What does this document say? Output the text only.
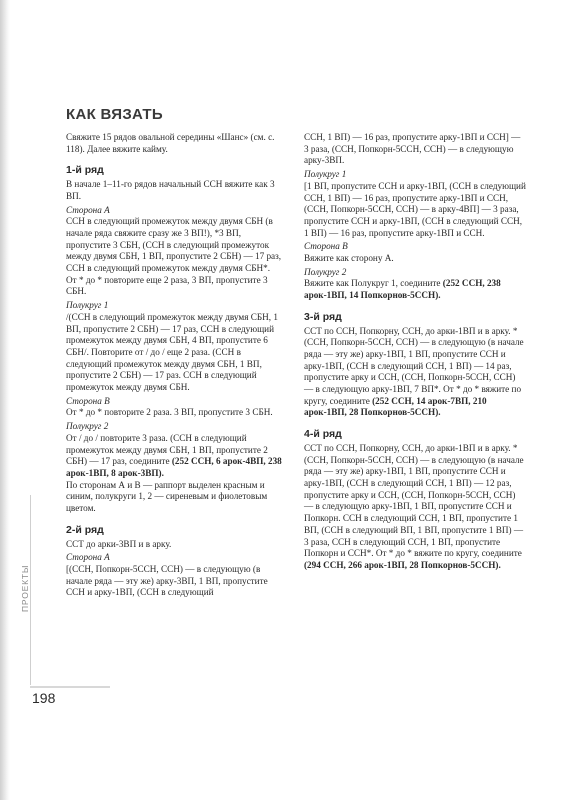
КАК ВЯЗАТЬ

Свяжите 15 рядов овальной середины «Шанс» (см. с. 118). Далее вяжите кайму.

1-й ряд

В начале 1–11-го рядов начальный ССН вяжите как 3 ВП.

Сторона А

ССН в следующий промежуток между двумя СБН (в начале ряда свяжите сразу же 3 ВП!), *3 ВП, пропустите 3 СБН, (ССН в следующий промежуток между двумя СБН, 1 ВП, пропустите 2 СБН) — 17 раз, ССН в следующий промежуток между двумя СБН*.

От * до * повторите еще 2 раза, 3 ВП, пропустите 3 СБН.

Полукруг 1

/(ССН в следующий промежуток между двумя СБН, 1 ВП, пропустите 2 СБН) — 17 раз, ССН в следующий промежуток между двумя СБН, 4 ВП, пропустите 6 СБН/. Повторите от / до / еще 2 раза. (ССН в следующий промежуток между двумя СБН, 1 ВП, пропустите 2 СБН) — 17 раз. ССН в следующий промежуток между двумя СБН.

Сторона В

От * до * повторите 2 раза. 3 ВП, пропустите 3 СБН.

Полукруг 2

От / до / повторите 3 раза. (ССН в следующий промежуток между двумя СБН, 1 ВП, пропустите 2 СБН) — 17 раз, соедините (252 ССН, 6 арок-4ВП, 238 арок-1ВП, 8 арок-3ВП).

По сторонам А и В — раппорт выделен красным и синим, полукруги 1, 2 — сиреневым и фиолетовым цветом.

2-й ряд

ССТ до арки-3ВП и в арку.

Сторона А

[(ССН, Попкорн-5ССН, ССН) — в следующую (в начале ряда — эту же) арку-3ВП, 1 ВП, пропустите ССН и арку-1ВП, (ССН в следующий

ССН, 1 ВП) — 16 раз, пропустите арку-1ВП и ССН] — 3 раза, (ССН, Попкорн-5ССН, ССН) — в следующую арку-3ВП.

Полукруг 1

[1 ВП, пропустите ССН и арку-1ВП, (ССН в следующий ССН, 1 ВП) — 16 раз, пропустите арку-1ВП и ССН, (ССН, Попкорн-5ССН, ССН) — в арку-4ВП] — 3 раза, пропустите ССН и арку-1ВП, (ССН в следующий ССН, 1 ВП) — 16 раз, пропустите арку-1ВП и ССН.

Сторона В

Вяжите как сторону А.

Полукруг 2

Вяжите как Полукруг 1, соедините (252 ССН, 238 арок-1ВП, 14 Попкорнов-5ССН).

3-й ряд

ССТ по ССН, Попкорну, ССН, до арки-1ВП и в арку. *(ССН, Попкорн-5ССН, ССН) — в следующую (в начале ряда — эту же) арку-1ВП, 1 ВП, пропустите ССН и арку-1ВП, (ССН в следующий ССН, 1 ВП) — 14 раз, пропустите арку и ССН, (ССН, Попкорн-5ССН, ССН) — в следующую арку-1ВП, 7 ВП*. От * до * вяжите по кругу, соедините (252 ССН, 14 арок-7ВП, 210 арок-1ВП, 28 Попкорнов-5ССН).

4-й ряд

ССТ по ССН, Попкорну, ССН, до арки-1ВП и в арку. *(ССН, Попкорн-5ССН, ССН) — в следующую (в начале ряда — эту же) арку-1ВП, 1 ВП, пропустите ССН и арку-1ВП, (ССН в следующий ССН, 1 ВП) — 12 раз, пропустите арку и ССН, (ССН, Попкорн-5ССН, ССН) — в следующую арку-1ВП, 1 ВП, пропустите ССН и Попкорн. ССН в следующий ССН, 1 ВП, пропустите 1 ВП, (ССН в следующий ВП, 1 ВП, пропустите 1 ВП) — 3 раза, ССН в следующий ССН, 1 ВП, пропустите Попкорн и ССН*. От * до * вяжите по кругу, соедините (294 ССН, 266 арок-1ВП, 28 Попкорнов-5ССН).

ПРОЕКТЫ
198
